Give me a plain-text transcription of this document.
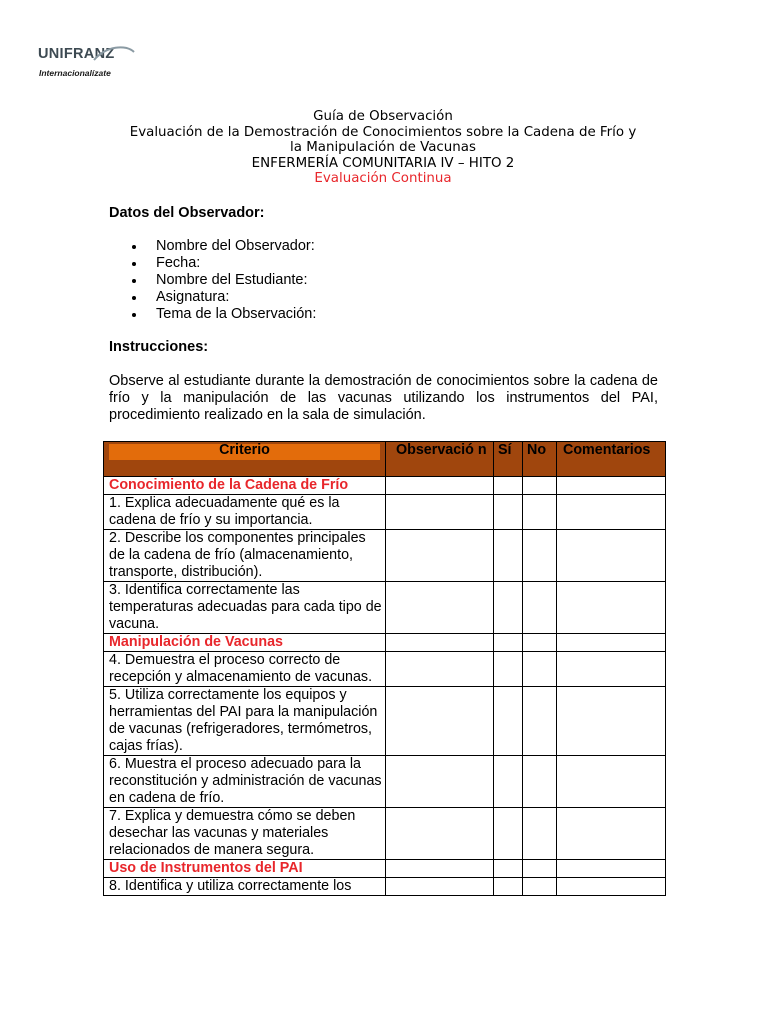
UNIFRANZ
Internacionalízate
Guía de Observación
Evaluación de la Demostración de Conocimientos sobre la Cadena de Frío y
la Manipulación de Vacunas
ENFERMERÍA COMUNITARIA IV – HITO 2
Evaluación Continua
Datos del Observador:
Nombre del Observador:
Fecha:
Nombre del Estudiante:
Asignatura:
Tema de la Observación:
Instrucciones:
Observe al estudiante durante la demostración de conocimientos sobre la cadena de frío y la manipulación de las vacunas utilizando los instrumentos del PAI, procedimiento realizado en la sala de simulación.
Criterio	Observació n	Sí	No	Comentarios

Conocimiento de la Cadena de Frío				
1. Explica adecuadamente qué es la cadena de frío y su importancia.				
2. Describe los componentes principales de la cadena de frío (almacenamiento, transporte, distribución).				
3. Identifica correctamente las temperaturas adecuadas para cada tipo de vacuna.				
Manipulación de Vacunas				
4. Demuestra el proceso correcto de recepción y almacenamiento de vacunas.				
5. Utiliza correctamente los equipos y herramientas del PAI para la manipulación de vacunas (refrigeradores, termómetros, cajas frías).				
6. Muestra el proceso adecuado para la reconstitución y administración de vacunas en cadena de frío.				
7. Explica y demuestra cómo se deben desechar las vacunas y materiales relacionados de manera segura.				
Uso de Instrumentos del PAI				
8. Identifica y utiliza correctamente los				
